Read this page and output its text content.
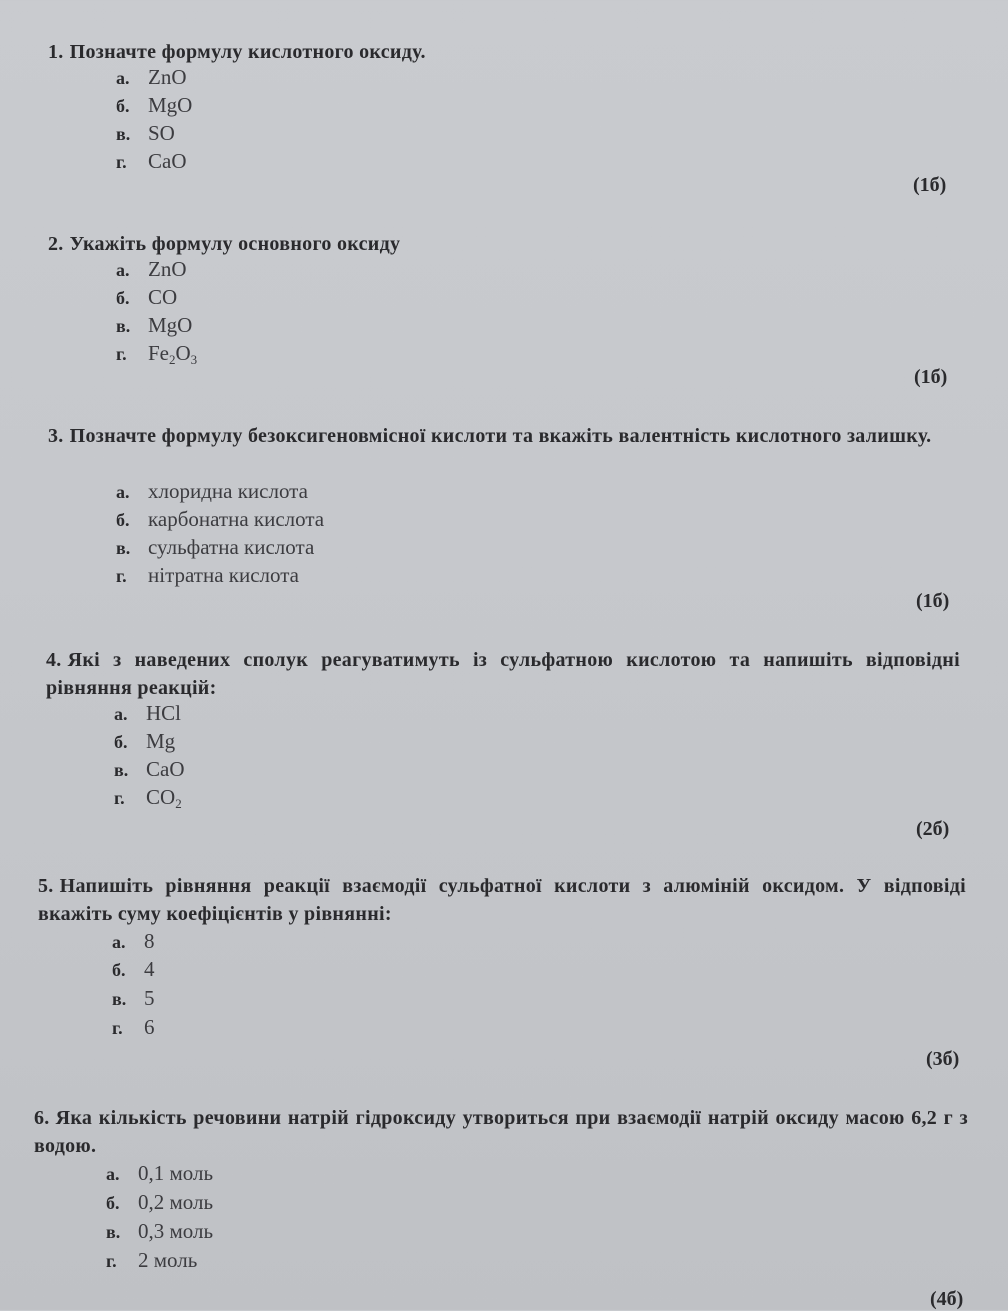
1. Позначте формулу кислотного оксиду.

а. ZnO
б. MgO
в. SO
г. CaO
(1б)

2. Укажіть формулу основного оксиду

а. ZnO
б. CO
в. MgO
г. $Fe_2O_3$
(1б)

3. Позначте формулу безоксигеновмісної кислоти та вкажіть валентність кислотного залишку.

а. хлоридна кислота
б. карбонатна кислота
в. сульфатна кислота
г. нітратна кислота
(1б)

4. Які з наведених сполук реагуватимуть із сульфатною кислотою та напишіть відповідні рівняння реакцій:

а. HCl
б. Mg
в. CaO
г. $CO_2$
(2б)

5. Напишіть рівняння реакції взаємодії сульфатної кислоти з алюміній оксидом. У відповіді вкажіть суму коефіцієнтів у рівнянні:

а. 8
б. 4
в. 5
г. 6
(3б)

6. Яка кількість речовини натрій гідроксиду утвориться при взаємодії натрій оксиду масою 6,2 г з водою.

а. 0,1 моль
б. 0,2 моль
в. 0,3 моль
г. 2 моль
(4б)
